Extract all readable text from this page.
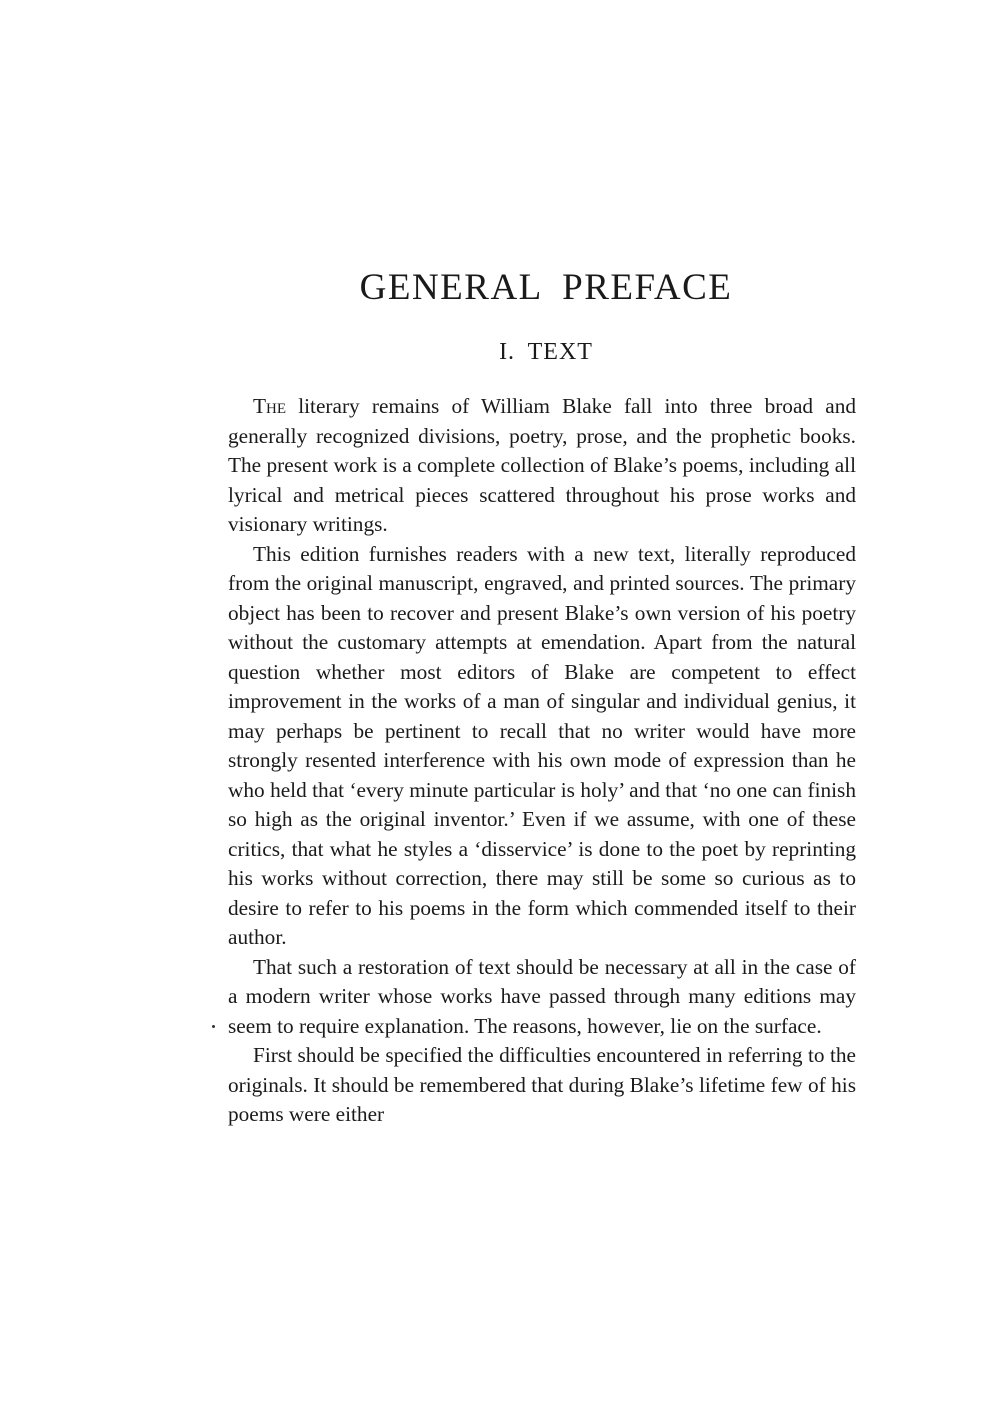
GENERAL PREFACE
I. TEXT

The literary remains of William Blake fall into three broad and generally recognized divisions, poetry, prose, and the prophetic books. The present work is a complete collection of Blake’s poems, including all lyrical and metrical pieces scattered throughout his prose works and visionary writings.

This edition furnishes readers with a new text, literally reproduced from the original manuscript, engraved, and printed sources. The primary object has been to recover and present Blake’s own version of his poetry without the customary attempts at emendation. Apart from the natural question whether most editors of Blake are competent to effect improvement in the works of a man of singular and individual genius, it may perhaps be pertinent to recall that no writer would have more strongly resented interference with his own mode of expression than he who held that ‘every minute particular is holy’ and that ‘no one can finish so high as the original inventor.’ Even if we assume, with one of these critics, that what he styles a ‘disservice’ is done to the poet by reprinting his works without correction, there may still be some so curious as to desire to refer to his poems in the form which commended itself to their author.

That such a restoration of text should be necessary at all in the case of a modern writer whose works have passed through many editions may seem to require explanation. The reasons, however, lie on the surface.

First should be specified the difficulties encountered in referring to the originals. It should be remembered that during Blake’s lifetime few of his poems were either
